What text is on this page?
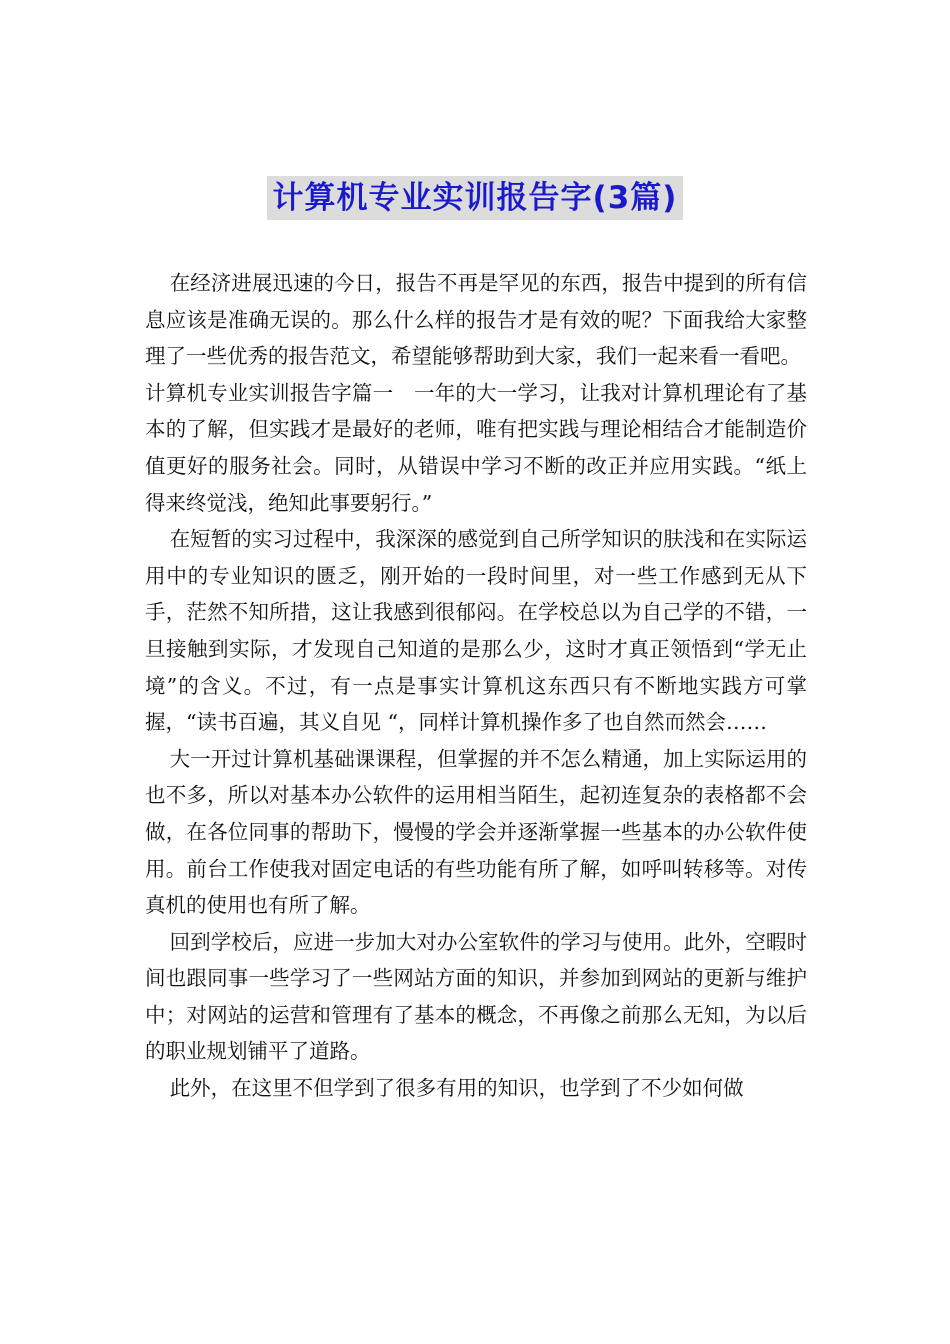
计算机专业实训报告字(3篇)

在经济进展迅速的今日，报告不再是罕见的东西，报告中提到的所有信息应该是准确无误的。那么什么样的报告才是有效的呢？下面我给大家整理了一些优秀的报告范文，希望能够帮助到大家，我们一起来看一看吧。

计算机专业实训报告字篇一　一年的大一学习，让我对计算机理论有了基本的了解，但实践才是最好的老师，唯有把实践与理论相结合才能制造价值更好的服务社会。同时，从错误中学习不断的改正并应用实践。“纸上得来终觉浅，绝知此事要躬行。”

在短暂的实习过程中，我深深的感觉到自己所学知识的肤浅和在实际运用中的专业知识的匮乏，刚开始的一段时间里，对一些工作感到无从下手，茫然不知所措，这让我感到很郁闷。在学校总以为自己学的不错，一旦接触到实际，才发现自己知道的是那么少，这时才真正领悟到“学无止境”的含义。不过，有一点是事实计算机这东西只有不断地实践方可掌握，“读书百遍，其义自见 “，同样计算机操作多了也自然而然会……

大一开过计算机基础课课程，但掌握的并不怎么精通，加上实际运用的也不多，所以对基本办公软件的运用相当陌生，起初连复杂的表格都不会做，在各位同事的帮助下，慢慢的学会并逐渐掌握一些基本的办公软件使用。前台工作使我对固定电话的有些功能有所了解，如呼叫转移等。对传真机的使用也有所了解。

回到学校后，应进一步加大对办公室软件的学习与使用。此外，空暇时间也跟同事一些学习了一些网站方面的知识，并参加到网站的更新与维护中；对网站的运营和管理有了基本的概念，不再像之前那么无知，为以后的职业规划铺平了道路。

此外，在这里不但学到了很多有用的知识，也学到了不少如何做
